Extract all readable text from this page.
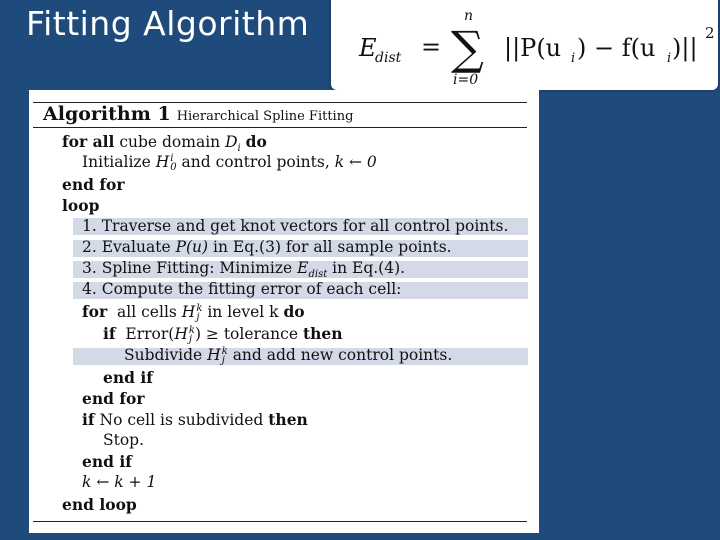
Fitting Algorithm
E
dist =
n
∑
i=0
||P(u i ) − f(u i )||
2
Algorithm 1 Hierarchical Spline Fitting
for all cube domain $D_i$ do
Initialize Hi
0 and control points, k ← 0
end for
loop
1. Traverse and get knot vectors for all control points.
2. Evaluate P(u) in Eq.(3) for all sample points.
3. Spline Fitting: Minimize $E_{dist}$ in Eq.(4).
4. Compute the fitting error of each cell:
for all cells Hk
j in level k do
if Error(Hk
j ) ≥ tolerance then
Subdivide Hk
j and add new control points.
end if
end for
if No cell is subdivided then
Stop.
end if
k ← k + 1
end loop
